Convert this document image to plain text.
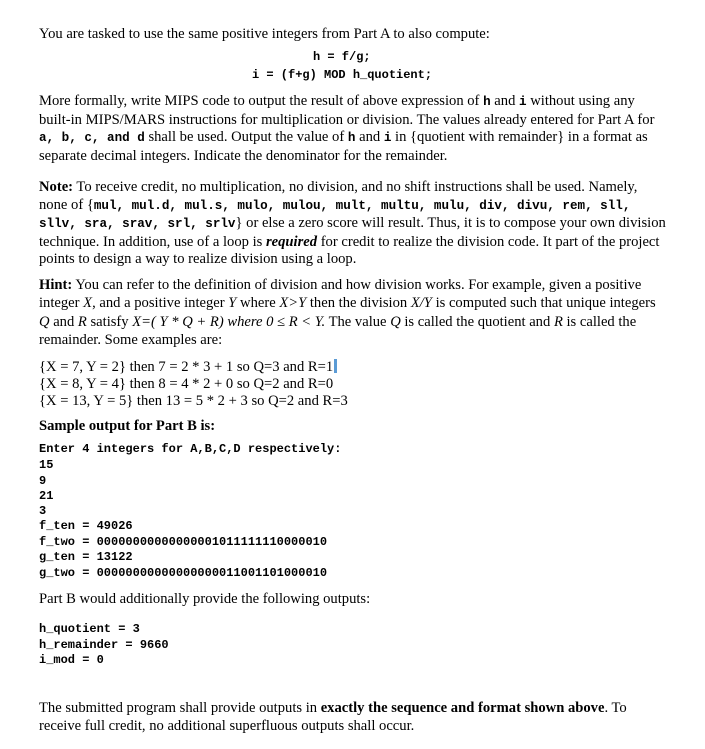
You are tasked to use the same positive integers from Part A to also compute:

h = f/g;
i = (f+g) MOD h_quotient;

More formally, write MIPS code to output the result of above expression of h and i without using any built-in MIPS/MARS instructions for multiplication or division. The values already entered for Part A for a, b, c, and d shall be used. Output the value of h and i in {quotient with remainder} in a format as separate decimal integers. Indicate the denominator for the remainder.

Note: To receive credit, no multiplication, no division, and no shift instructions shall be used. Namely, none of {mul, mul.d, mul.s, mulo, mulou, mult, multu, mulu, div, divu, rem, sll, sllv, sra, srav, srl, srlv} or else a zero score will result. Thus, it is to compose your own division technique. In addition, use of a loop is required for credit to realize the division code. It part of the project points to design a way to realize division using a loop.

Hint: You can refer to the definition of division and how division works. For example, given a positive integer X, and a positive integer Y where X>Y then the division X/Y is computed such that unique integers Q and R satisfy X=( Y * Q + R) where 0 ≤ R < Y. The value Q is called the quotient and R is called the remainder. Some examples are:

{X = 7, Y = 2} then 7 = 2 * 3 + 1 so Q=3 and R=1
{X = 8, Y = 4} then 8 = 4 * 2 + 0 so Q=2 and R=0
{X = 13, Y = 5} then 13 = 5 * 2 + 3 so Q=2 and R=3
Sample output for Part B is:
Enter 4 integers for A,B,C,D respectively:
15
9
21
3
f_ten = 49026
f_two = 00000000000000001011111110000010
g_ten = 13122
g_two = 00000000000000000011001101000010
Part B would additionally provide the following outputs:
h_quotient = 3
h_remainder = 9660
i_mod = 0

The submitted program shall provide outputs in exactly the sequence and format shown above. To receive full credit, no additional superfluous outputs shall occur.
